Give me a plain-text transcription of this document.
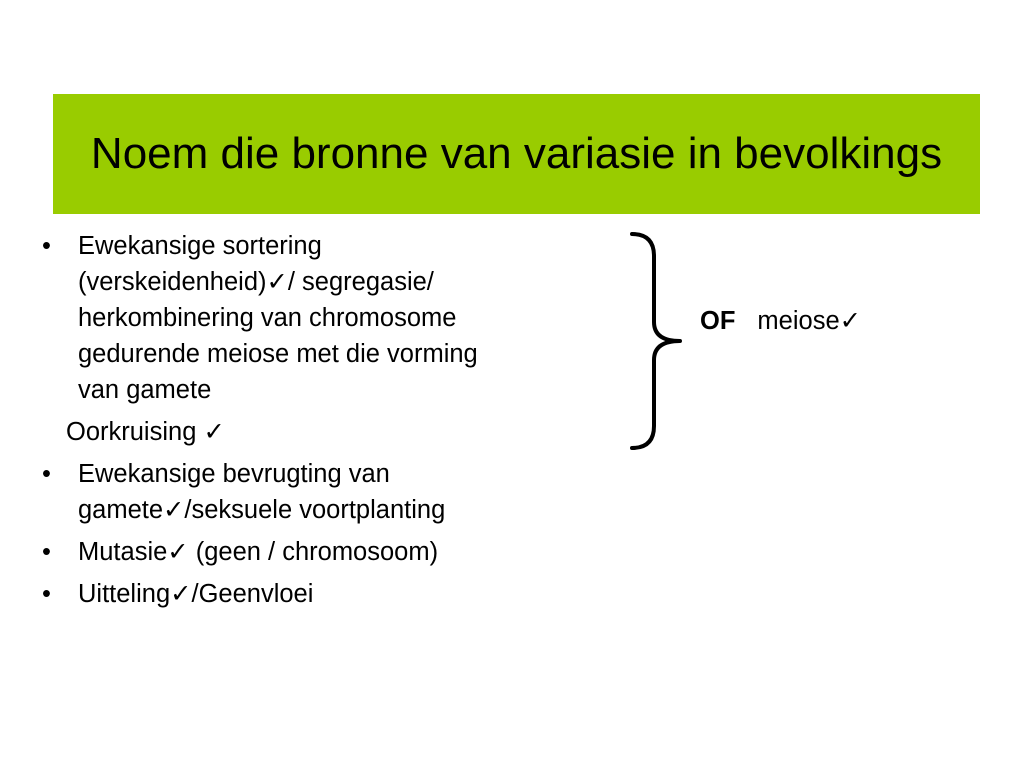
Noem die bronne van variasie in bevolkings
•	Ewekansige sortering
(verskeidenheid)✓/ segregasie/
herkombinering van chromosome
gedurende meiose met die vorming
van gamete
Oorkruising ✓
•	Ewekansige bevrugting van
gamete✓/seksuele voortplanting
•	Mutasie✓ (geen / chromosoom)
•	Uitteling✓/Geenvloei
OF meiose✓
